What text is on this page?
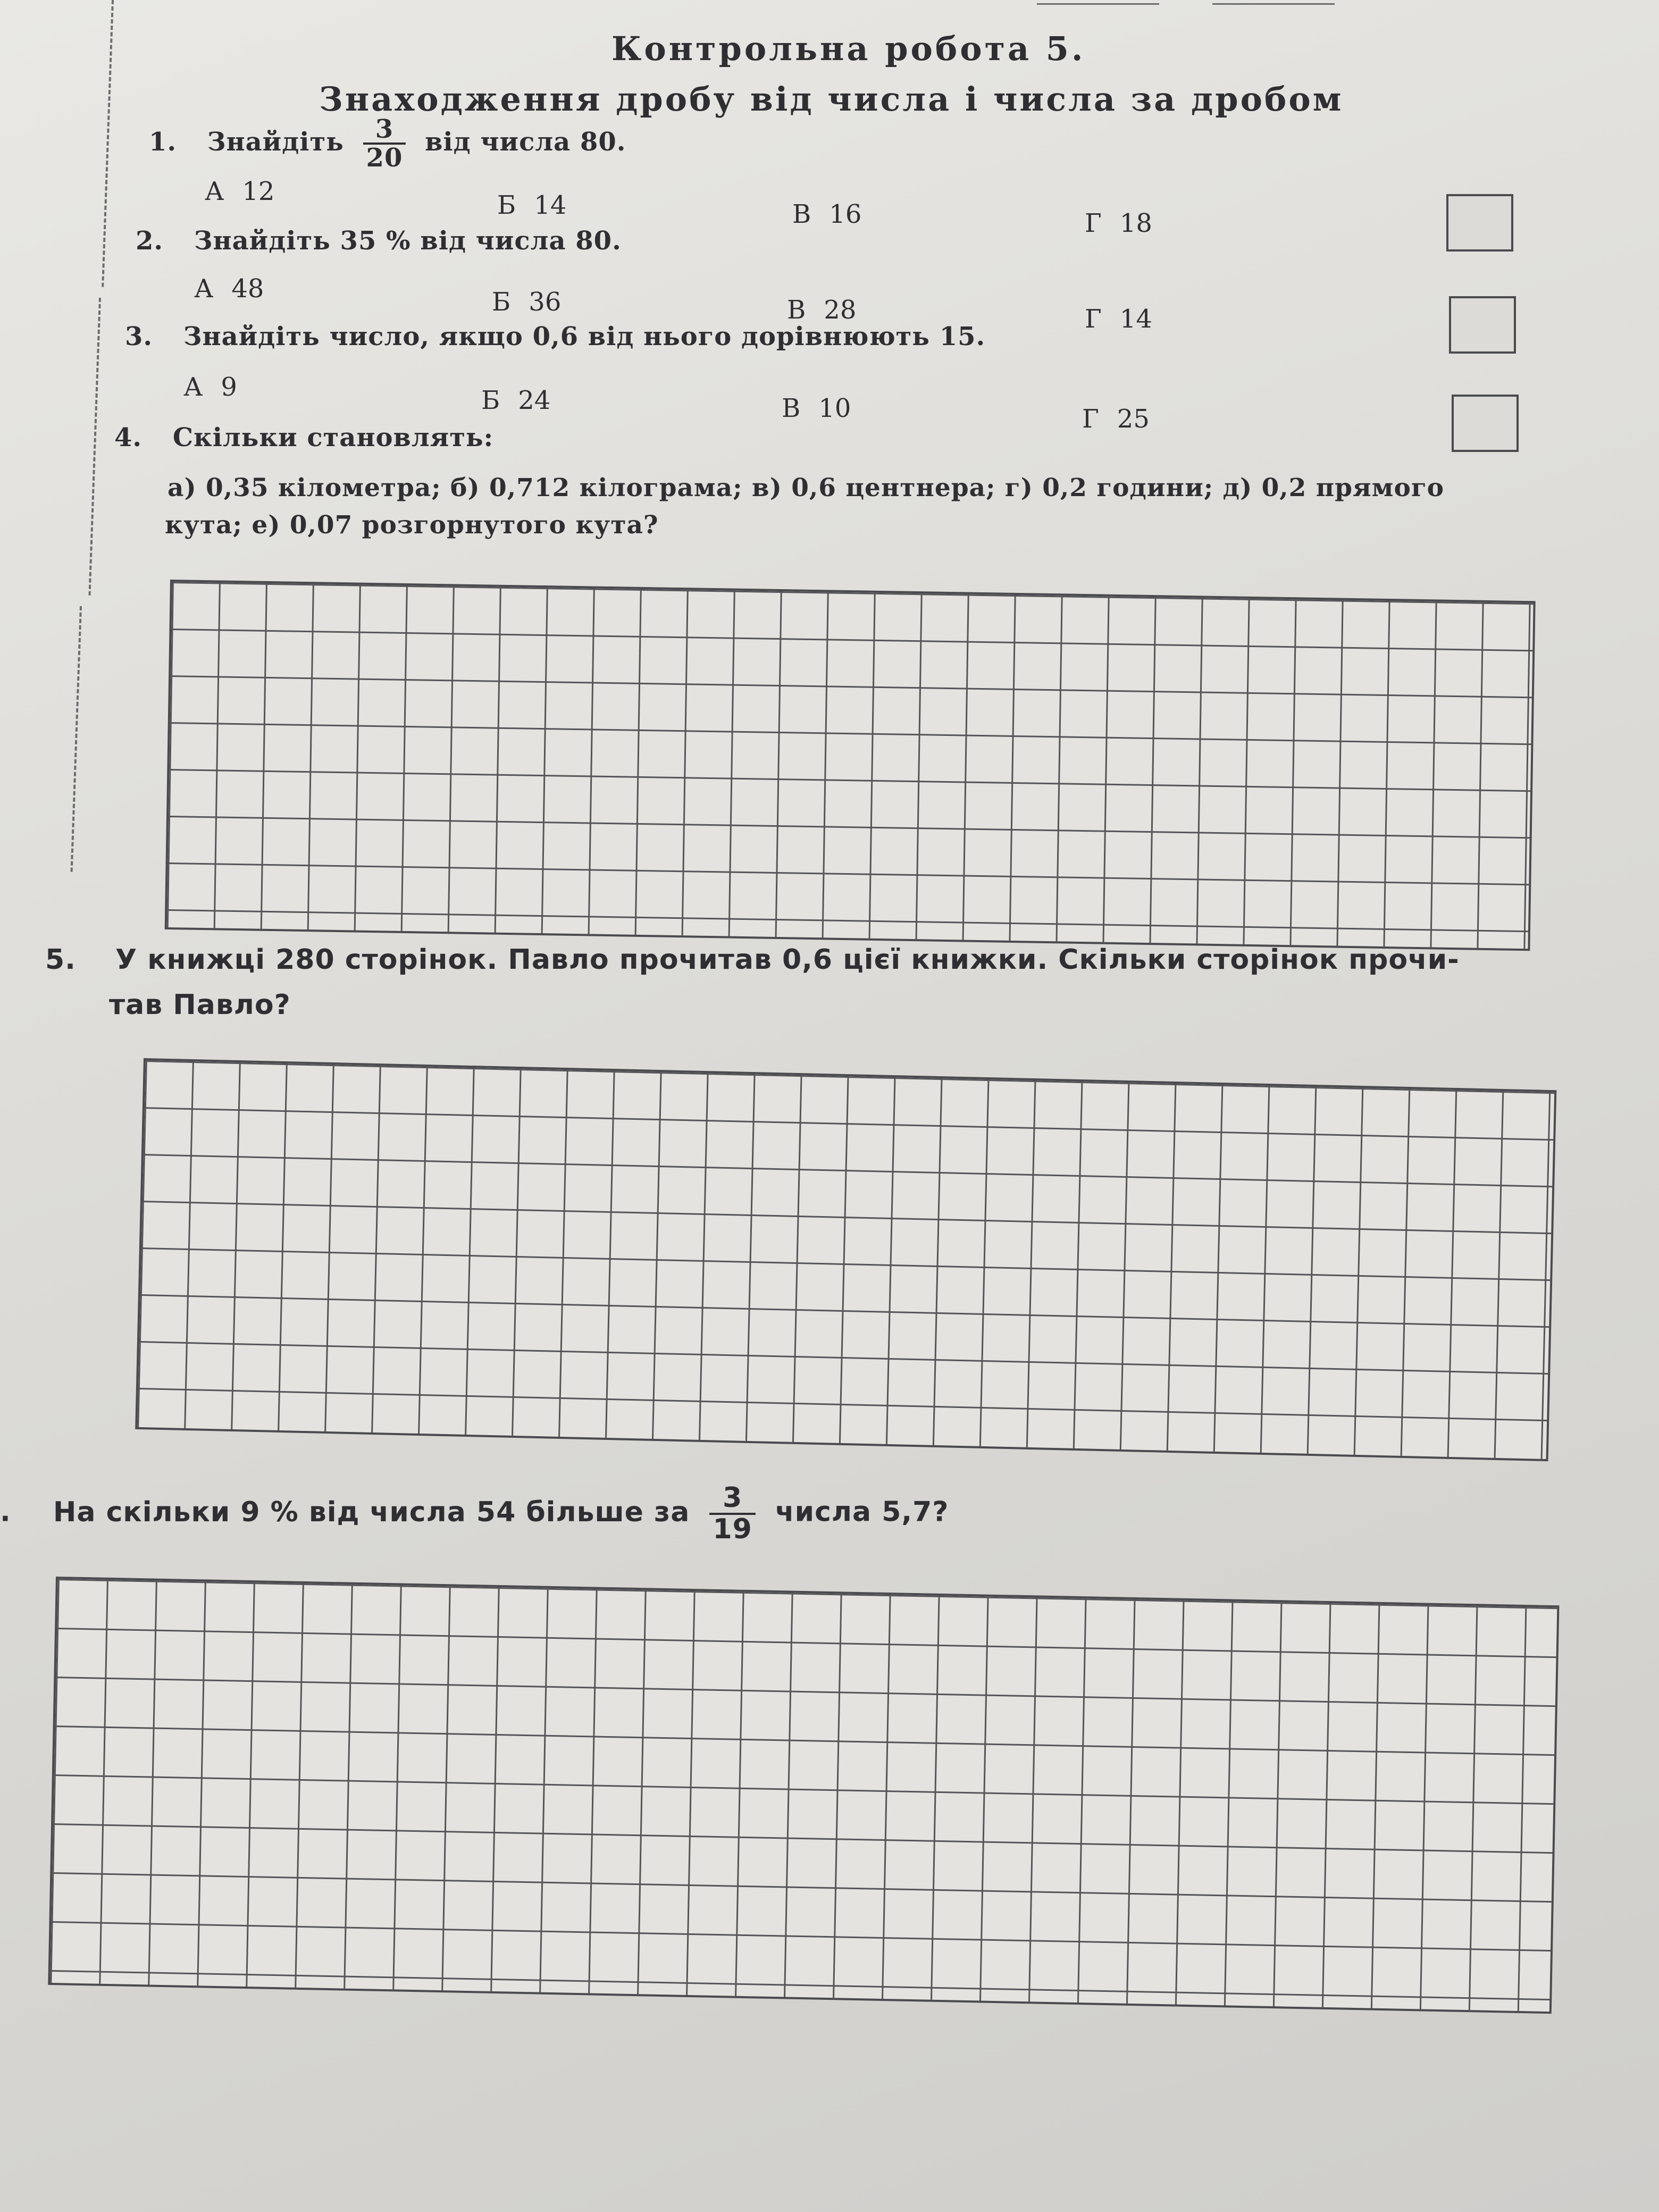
Контрольна робота 5.
Знаходження дробу від числа і числа за дробом
1. Знайдіть $\frac{3}{20}$ від числа 80.
А 12	Б 14	В 16	Г 18
2. Знайдіть 35 % від числа 80.
А 48	Б 36	В 28	Г 14
3. Знайдіть число, якщо 0,6 від нього дорівнюють 15.
А 9	Б 24	В 10	Г 25
4. Скільки становлять:
а) 0,35 кілометра; б) 0,712 кілограма; в) 0,6 центнера; г) 0,2 години; д) 0,2 прямого
кута; е) 0,07 розгорнутого кута?
5. У книжці 280 сторінок. Павло прочитав 0,6 цієї книжки. Скільки сторінок прочи-
тав Павло?
. На скільки 9 % від числа 54 більше за $\frac{3}{19}$ числа 5,7?
